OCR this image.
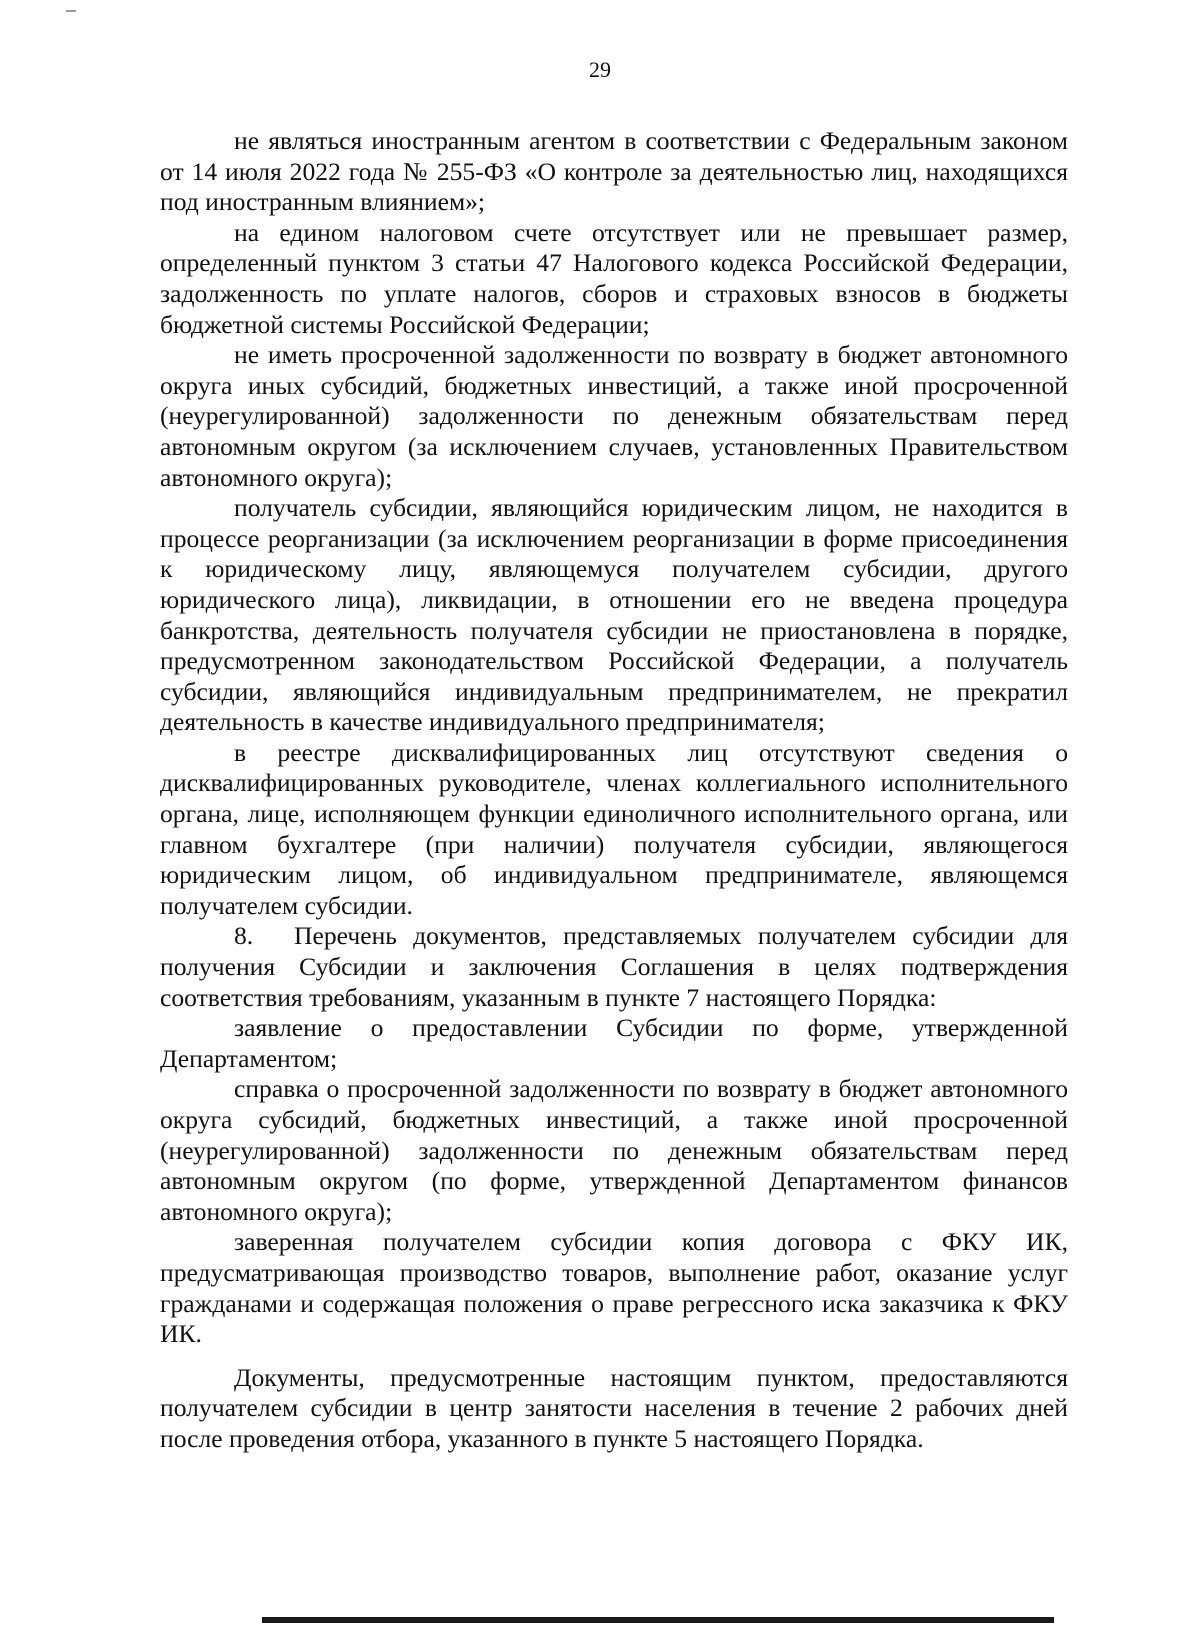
29

не являться иностранным агентом в соответствии с Федеральным законом от 14 июля 2022 года № 255-ФЗ «О контроле за деятельностью лиц, находящихся под иностранным влиянием»;

на едином налоговом счете отсутствует или не превышает размер, определенный пунктом 3 статьи 47 Налогового кодекса Российской Федерации, задолженность по уплате налогов, сборов и страховых взносов в бюджеты бюджетной системы Российской Федерации;

не иметь просроченной задолженности по возврату в бюджет автономного округа иных субсидий, бюджетных инвестиций, а также иной просроченной (неурегулированной) задолженности по денежным обязательствам перед автономным округом (за исключением случаев, установленных Правительством автономного округа);

получатель субсидии, являющийся юридическим лицом, не находится в процессе реорганизации (за исключением реорганизации в форме присоединения к юридическому лицу, являющемуся получателем субсидии, другого юридического лица), ликвидации, в отношении его не введена процедура банкротства, деятельность получателя субсидии не приостановлена в порядке, предусмотренном законодательством Российской Федерации, а получатель субсидии, являющийся индивидуальным предпринимателем, не прекратил деятельность в качестве индивидуального предпринимателя;

в реестре дисквалифицированных лиц отсутствуют сведения о дисквалифицированных руководителе, членах коллегиального исполнительного органа, лице, исполняющем функции единоличного исполнительного органа, или главном бухгалтере (при наличии) получателя субсидии, являющегося юридическим лицом, об индивидуальном предпринимателе, являющемся получателем субсидии.

8. Перечень документов, представляемых получателем субсидии для получения Субсидии и заключения Соглашения в целях подтверждения соответствия требованиям, указанным в пункте 7 настоящего Порядка:

заявление о предоставлении Субсидии по форме, утвержденной Департаментом;

справка о просроченной задолженности по возврату в бюджет автономного округа субсидий, бюджетных инвестиций, а также иной просроченной (неурегулированной) задолженности по денежным обязательствам перед автономным округом (по форме, утвержденной Департаментом финансов автономного округа);

заверенная получателем субсидии копия договора с ФКУ ИК, предусматривающая производство товаров, выполнение работ, оказание услуг гражданами и содержащая положения о праве регрессного иска заказчика к ФКУ ИК.

Документы, предусмотренные настоящим пунктом, предоставляются получателем субсидии в центр занятости населения в течение 2 рабочих дней после проведения отбора, указанного в пункте 5 настоящего Порядка.
